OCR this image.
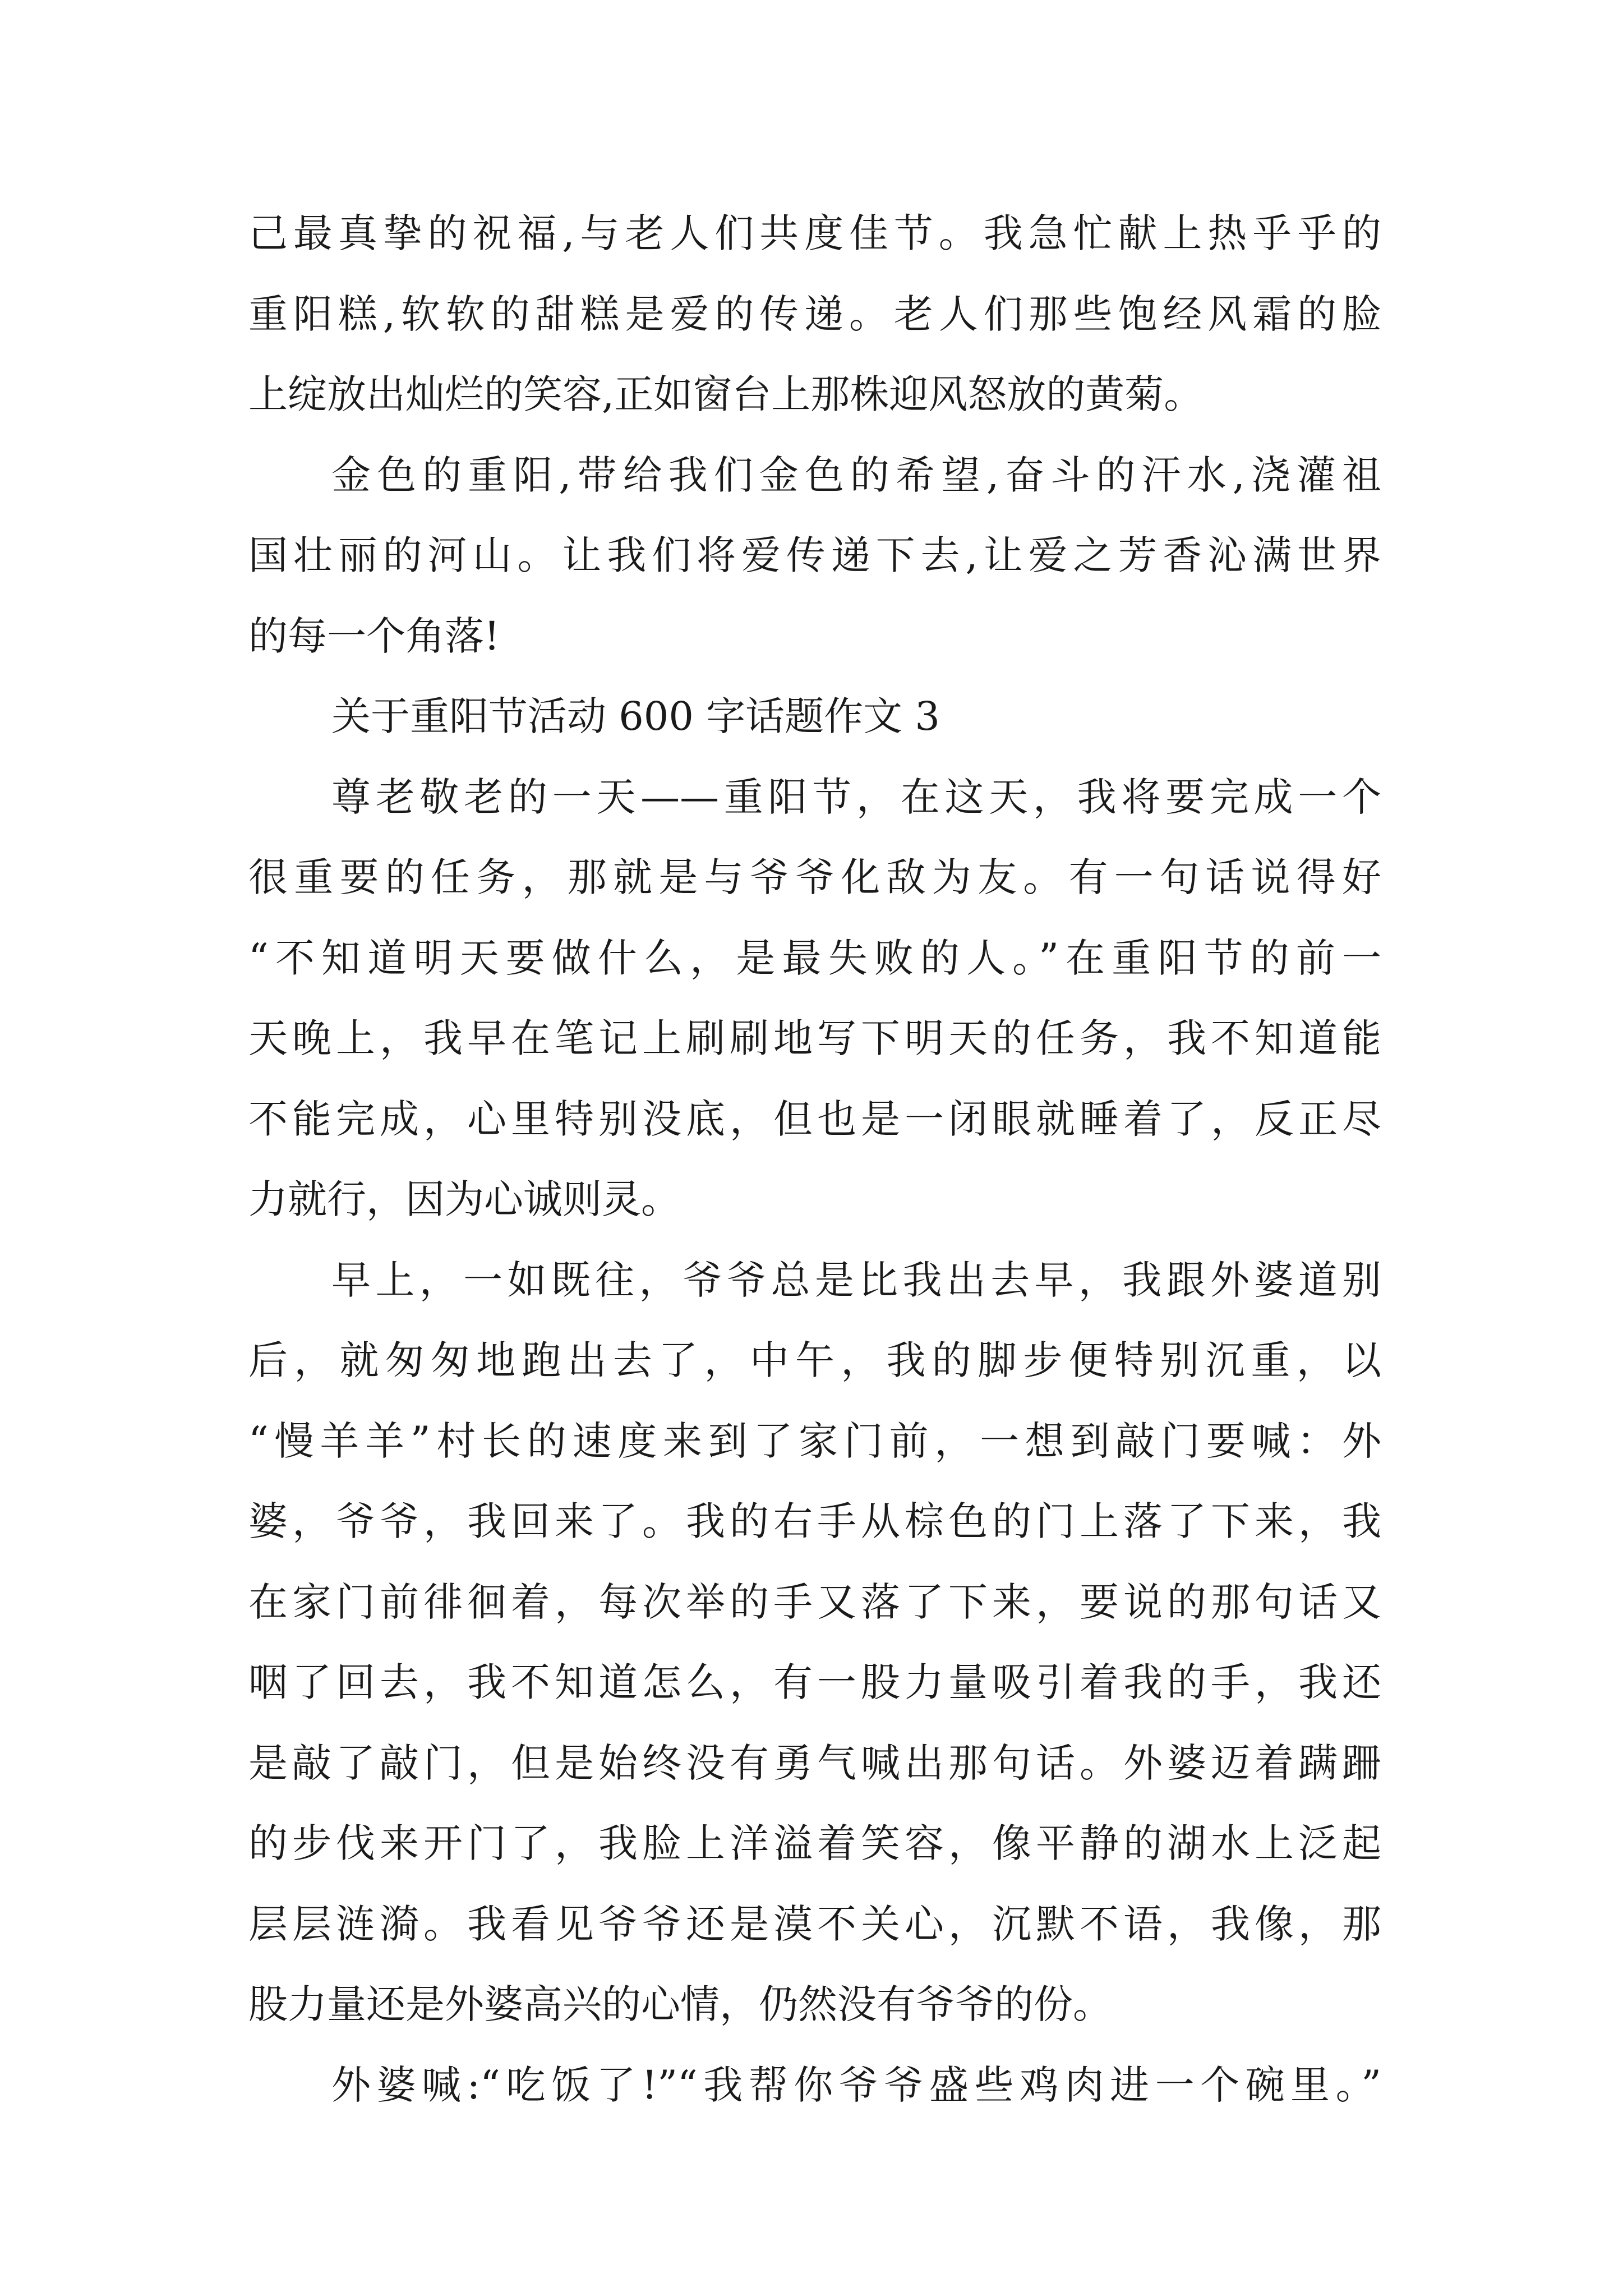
己最真挚的祝福,与老人们共度佳节。我急忙献上热乎乎的
重阳糕,软软的甜糕是爱的传递。老人们那些饱经风霜的脸
上绽放出灿烂的笑容,正如窗台上那株迎风怒放的黄菊。
金色的重阳,带给我们金色的希望,奋斗的汗水,浇灌祖
国壮丽的河山。让我们将爱传递下去,让爱之芳香沁满世界
的每一个角落!
关于重阳节活动 600 字话题作文 3
尊老敬老的一天——重阳节，在这天，我将要完成一个
很重要的任务，那就是与爷爷化敌为友。有一句话说得好
“不知道明天要做什么，是最失败的人。”在重阳节的前一
天晚上，我早在笔记上刷刷地写下明天的任务，我不知道能
不能完成，心里特别没底，但也是一闭眼就睡着了，反正尽
力就行，因为心诚则灵。
早上，一如既往，爷爷总是比我出去早，我跟外婆道别
后，就匆匆地跑出去了，中午，我的脚步便特别沉重，以
“慢羊羊”村长的速度来到了家门前，一想到敲门要喊：外
婆，爷爷，我回来了。我的右手从棕色的门上落了下来，我
在家门前徘徊着，每次举的手又落了下来，要说的那句话又
咽了回去，我不知道怎么，有一股力量吸引着我的手，我还
是敲了敲门，但是始终没有勇气喊出那句话。外婆迈着蹒跚
的步伐来开门了，我脸上洋溢着笑容，像平静的湖水上泛起
层层涟漪。我看见爷爷还是漠不关心，沉默不语，我像，那
股力量还是外婆高兴的心情，仍然没有爷爷的份。
外婆喊:“吃饭了!”“我帮你爷爷盛些鸡肉进一个碗里。”
